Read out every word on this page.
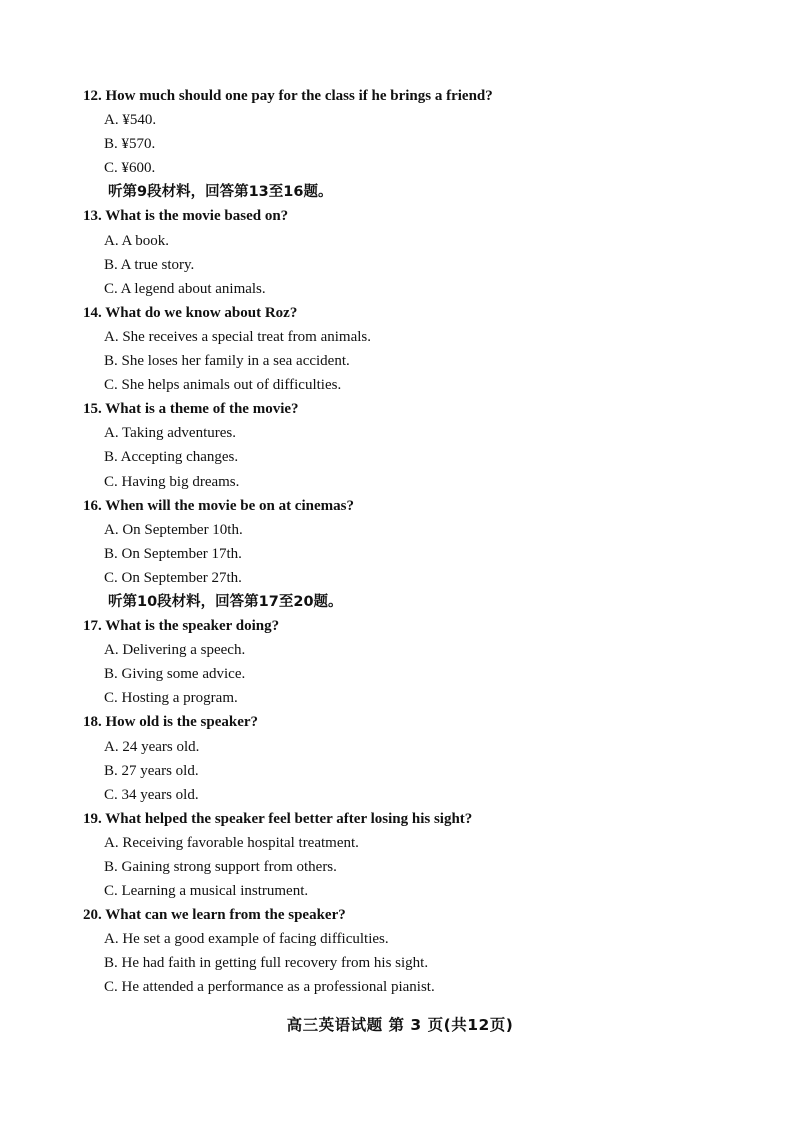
12. How much should one pay for the class if he brings a friend?
A. ¥540.
B. ¥570.
C. ¥600.
听第9段材料，回答第13至16题。
13. What is the movie based on?
A. A book.
B. A true story.
C. A legend about animals.
14. What do we know about Roz?
A. She receives a special treat from animals.
B. She loses her family in a sea accident.
C. She helps animals out of difficulties.
15. What is a theme of the movie?
A. Taking adventures.
B. Accepting changes.
C. Having big dreams.
16. When will the movie be on at cinemas?
A. On September 10th.
B. On September 17th.
C. On September 27th.
听第10段材料，回答第17至20题。
17. What is the speaker doing?
A. Delivering a speech.
B. Giving some advice.
C. Hosting a program.
18. How old is the speaker?
A. 24 years old.
B. 27 years old.
C. 34 years old.
19. What helped the speaker feel better after losing his sight?
A. Receiving favorable hospital treatment.
B. Gaining strong support from others.
C. Learning a musical instrument.
20. What can we learn from the speaker?
A. He set a good example of facing difficulties.
B. He had faith in getting full recovery from his sight.
C. He attended a performance as a professional pianist.
高三英语试题 第 3 页(共12页)
